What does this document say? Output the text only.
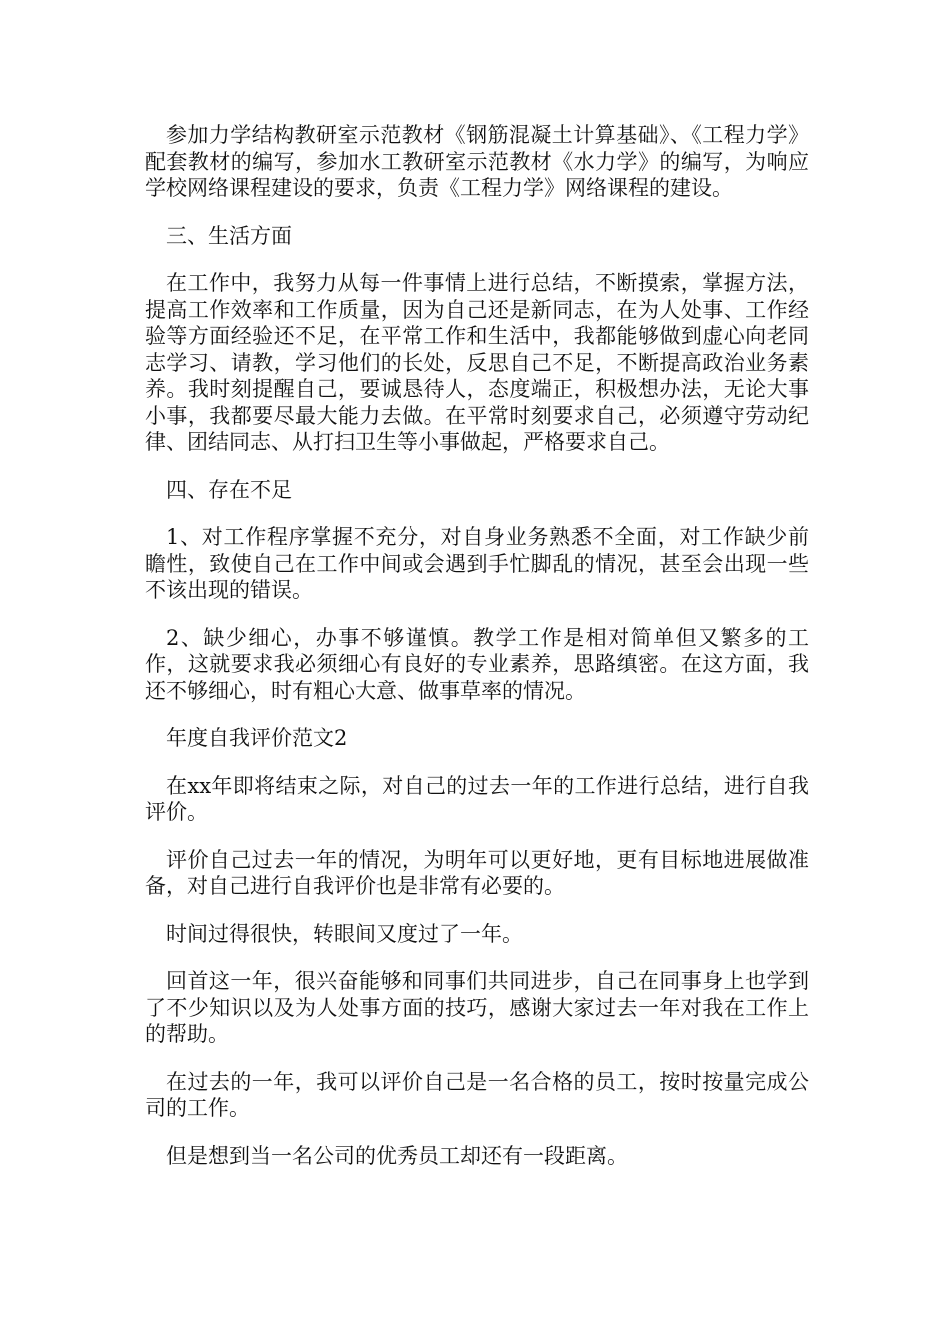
参加力学结构教研室示范教材《钢筋混凝土计算基础》、《工程力学》配套教材的编写，参加水工教研室示范教材《水力学》的编写，为响应学校网络课程建设的要求，负责《工程力学》网络课程的建设。

三、生活方面

在工作中，我努力从每一件事情上进行总结，不断摸索，掌握方法，提高工作效率和工作质量，因为自己还是新同志，在为人处事、工作经验等方面经验还不足，在平常工作和生活中，我都能够做到虚心向老同志学习、请教，学习他们的长处，反思自己不足，不断提高政治业务素养。我时刻提醒自己，要诚恳待人，态度端正，积极想办法，无论大事小事，我都要尽最大能力去做。在平常时刻要求自己，必须遵守劳动纪律、团结同志、从打扫卫生等小事做起，严格要求自己。

四、存在不足

1、对工作程序掌握不充分，对自身业务熟悉不全面，对工作缺少前瞻性，致使自己在工作中间或会遇到手忙脚乱的情况，甚至会出现一些不该出现的错误。

2、缺少细心，办事不够谨慎。教学工作是相对简单但又繁多的工作，这就要求我必须细心有良好的专业素养，思路缜密。在这方面，我还不够细心，时有粗心大意、做事草率的情况。

年度自我评价范文2

在xx年即将结束之际，对自己的过去一年的工作进行总结，进行自我评价。

评价自己过去一年的情况，为明年可以更好地，更有目标地进展做准备，对自己进行自我评价也是非常有必要的。

时间过得很快，转眼间又度过了一年。

回首这一年，很兴奋能够和同事们共同进步，自己在同事身上也学到了不少知识以及为人处事方面的技巧，感谢大家过去一年对我在工作上的帮助。

在过去的一年，我可以评价自己是一名合格的员工，按时按量完成公司的工作。

但是想到当一名公司的优秀员工却还有一段距离。
